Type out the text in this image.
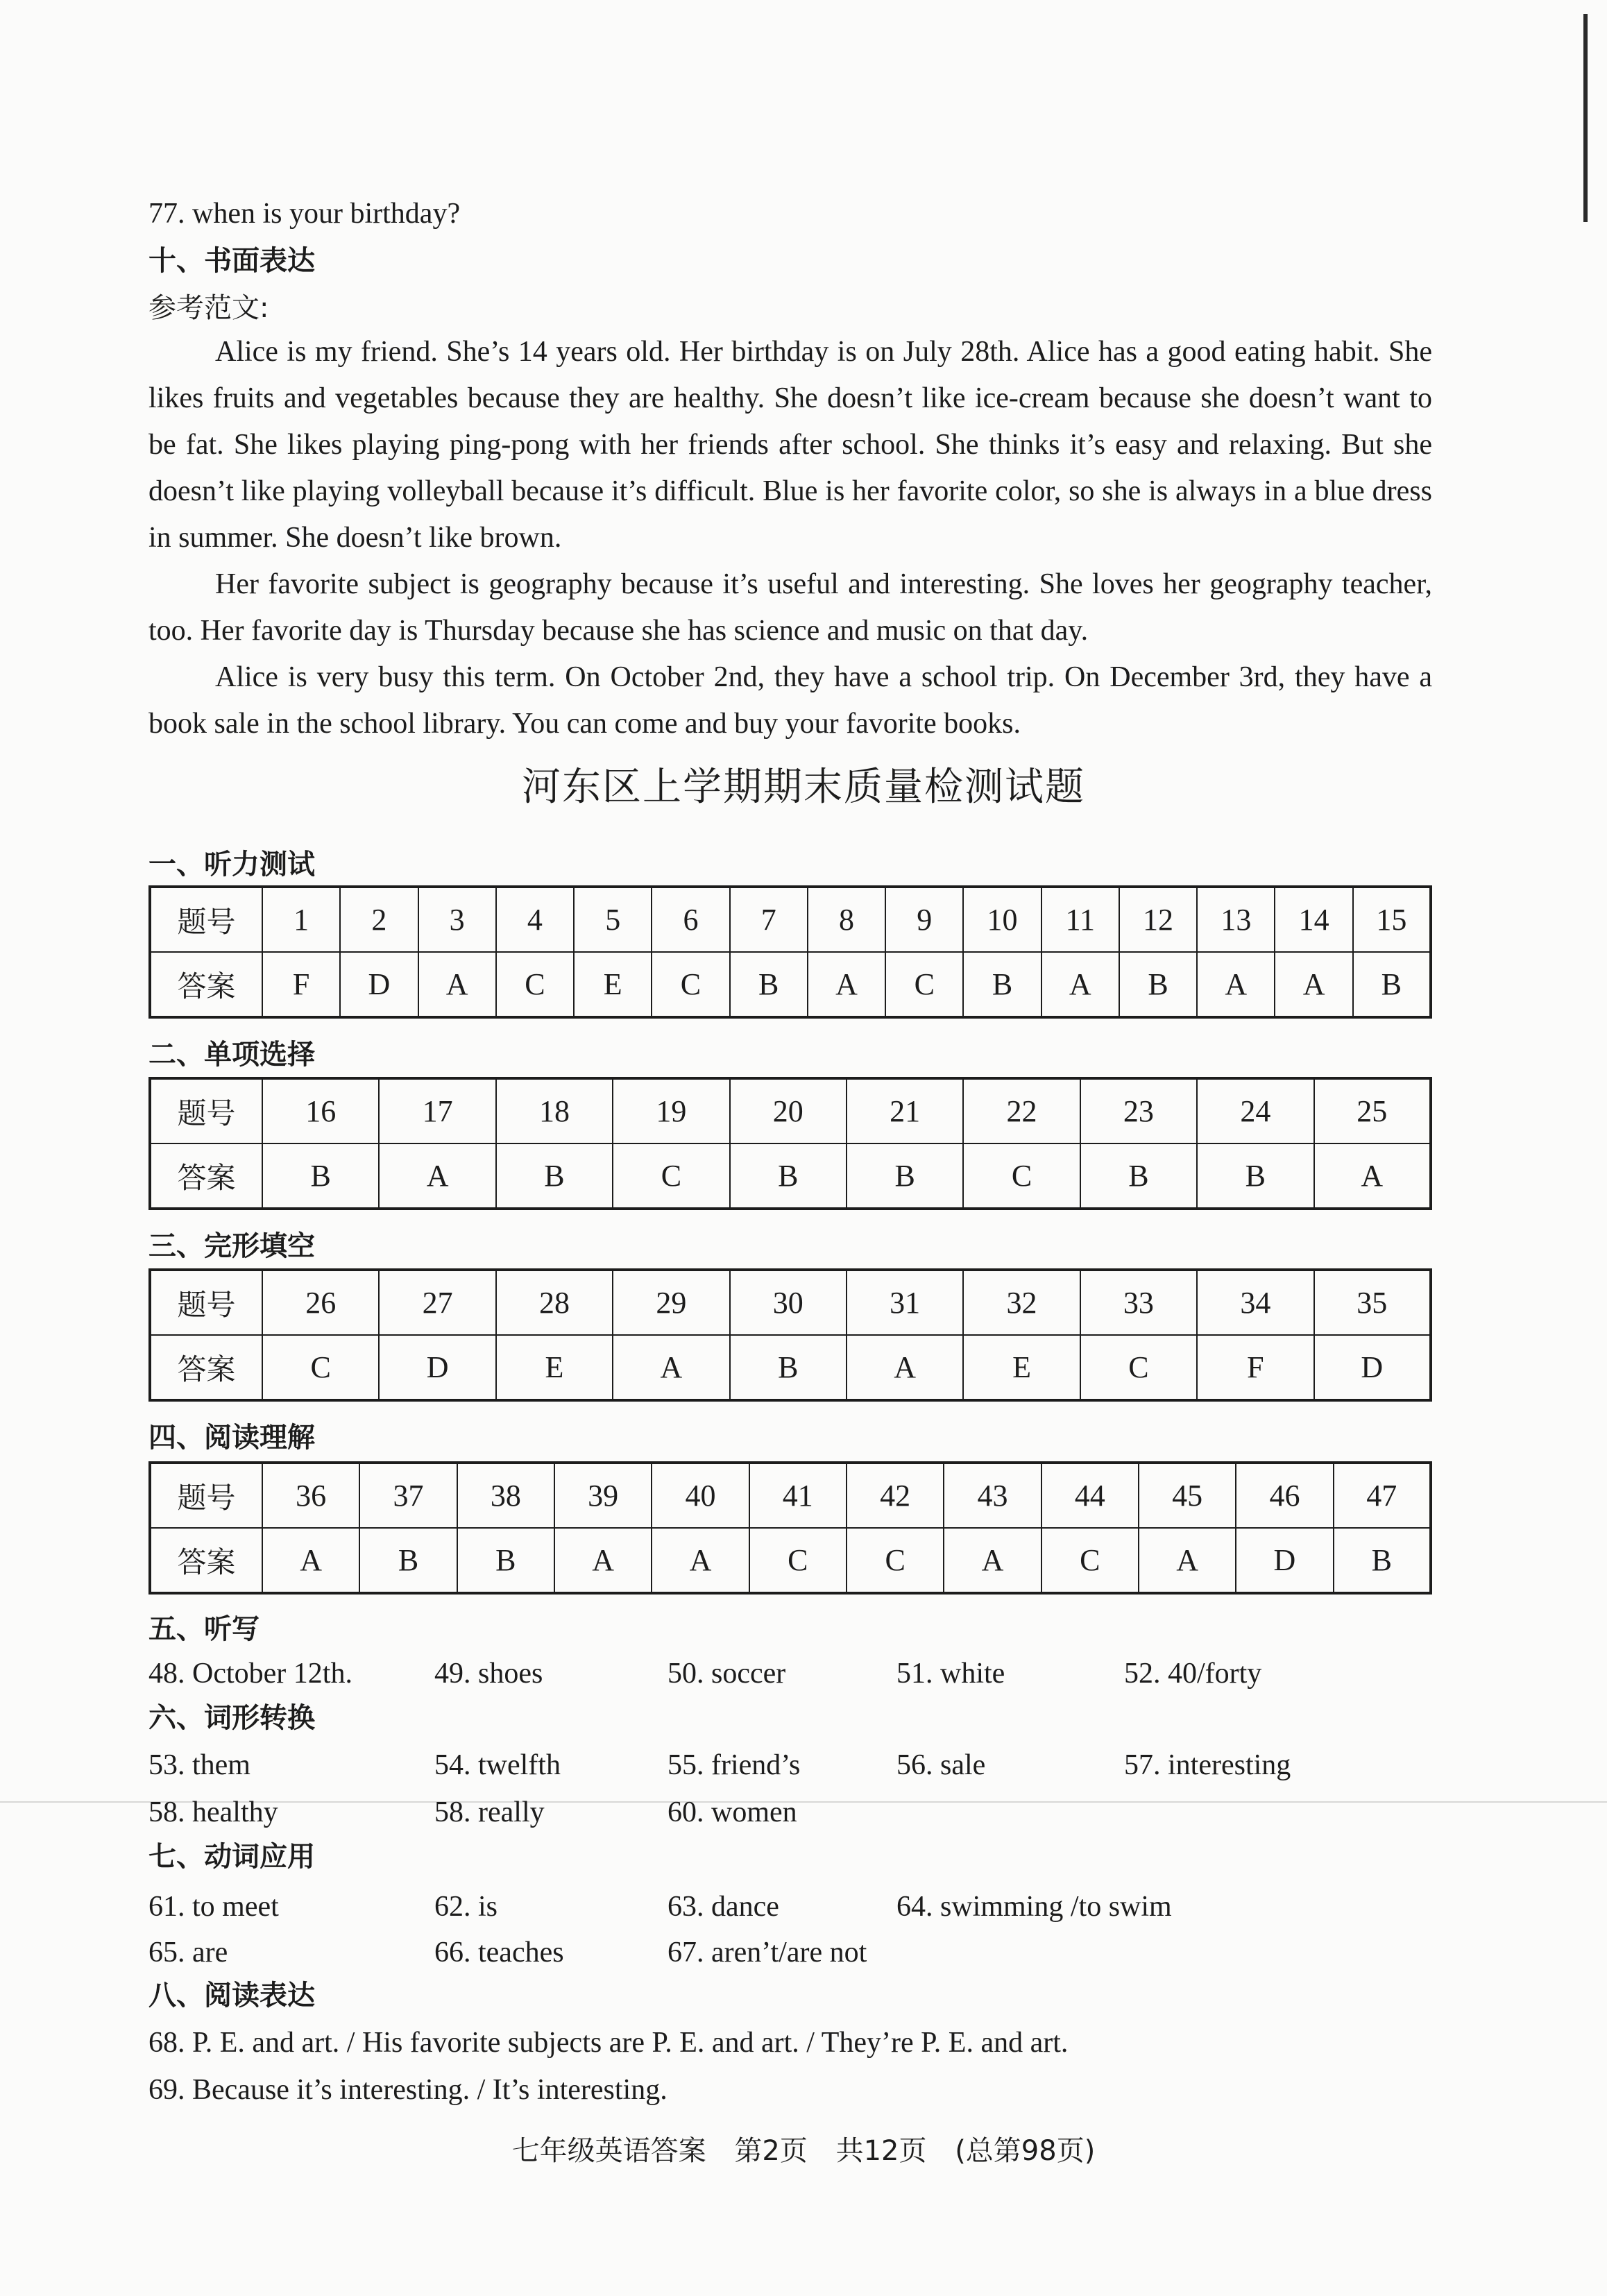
77. when is your birthday?
十、书面表达
参考范文:

Alice is my friend. She’s 14 years old. Her birthday is on July 28th. Alice has a good eating habit. She likes fruits and vegetables because they are healthy. She doesn’t like ice-cream because she doesn’t want to be fat. She likes playing ping-pong with her friends after school. She thinks it’s easy and relaxing. But she doesn’t like playing volleyball because it’s difficult. Blue is her favorite color, so she is always in a blue dress in summer. She doesn’t like brown.

Her favorite subject is geography because it’s useful and interesting. She loves her geography teacher, too. Her favorite day is Thursday because she has science and music on that day.

Alice is very busy this term. On October 2nd, they have a school trip. On December 3rd, they have a book sale in the school library. You can come and buy your favorite books.

河东区上学期期末质量检测试题
一、听力测试
题号	1	2	3	4	5	6	7	8	9	10	11	12	13	14	15
答案	F	D	A	C	E	C	B	A	C	B	A	B	A	A	B
二、单项选择
题号	16	17	18	19	20	21	22	23	24	25
答案	B	A	B	C	B	B	C	B	B	A
三、完形填空
题号	26	27	28	29	30	31	32	33	34	35
答案	C	D	E	A	B	A	E	C	F	D
四、阅读理解
题号	36	37	38	39	40	41	42	43	44	45	46	47
答案	A	B	B	A	A	C	C	A	C	A	D	B
五、听写
48. October 12th.	49. shoes	50. soccer	51. white	52. 40/forty
六、词形转换
53. them	54. twelfth	55. friend’s	56. sale	57. interesting
58. healthy	58. really	60. women
七、动词应用
61. to meet	62. is	63. dance	64. swimming /to swim
65. are	66. teaches	67. aren’t/are not
八、阅读表达
68. P. E. and art. / His favorite subjects are P. E. and art. / They’re P. E. and art.
69. Because it’s interesting. / It’s interesting.
七年级英语答案 第2页 共12页 (总第98页)
